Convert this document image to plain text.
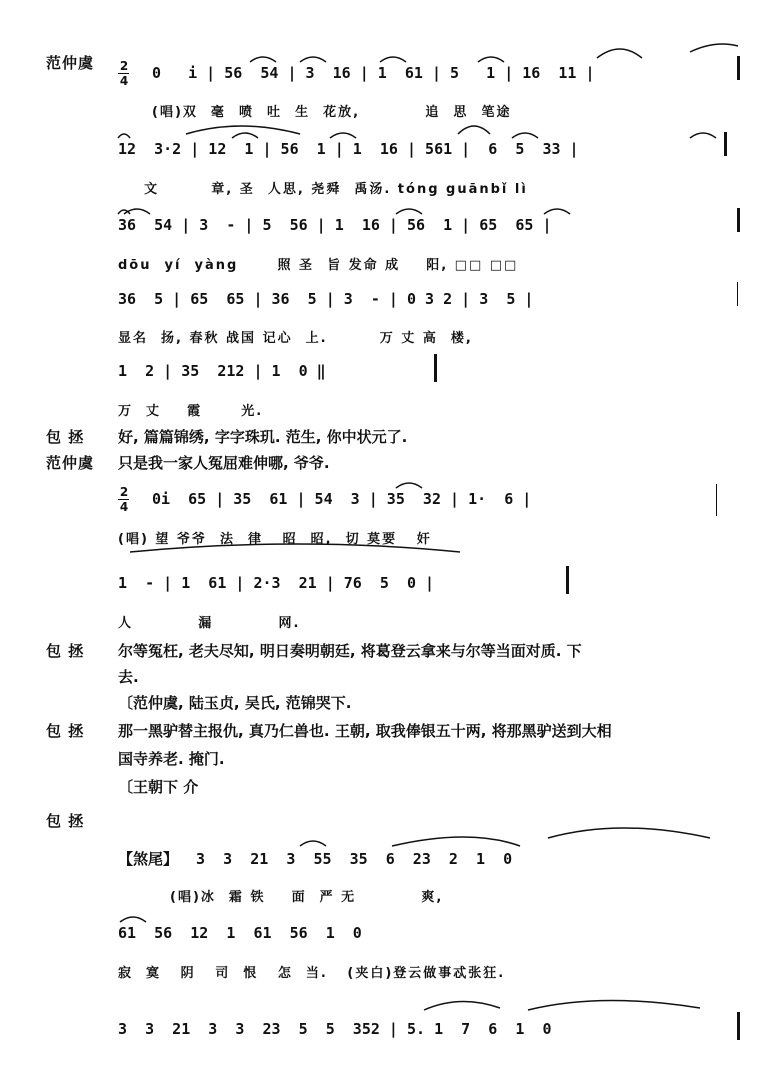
范仲虞 2
4 0   i | 56  54 | 3  16 | 1  61 | 5   1 | 16  11 |
(唱)双  毫  喷  吐  生  花放,          追  思  笔途
12  3·2 | 12  1 | 56  1 | 1  16 | 561 |  6  5  33 |
文        章, 圣  人思, 尧舜  禹汤. tóng guānbǐ lì
36  54 | 3  - | 5  56 | 1  16 | 56  1 | 65  65 |
dōu  yí  yàng      照 圣  旨 发命 成    阳, □□ □□
36  5 | 65  65 | 36  5 | 3  - | 0 3 2 | 3  5 |
显名  扬, 春秋 战国 记心  上.        万 丈 高  楼,
1  2 | 35  212 | 1  0 ‖
万  丈    霞      光.
包 拯 好, 篇篇锦绣, 字字珠玑. 范生, 你中状元了.
范仲虞 只是我一家人冤屈难伸哪, 爷爷.
2
4 0i  65 | 35  61 | 54  3 | 35  32 | 1·  6 |
(唱) 望 爷爷  法  律   昭  昭,  切 莫要   奸
1  - | 1  61 | 2·3  21 | 76  5  0 |
人          漏          网.
包 拯 尔等冤枉, 老夫尽知, 明日奏明朝廷, 将葛登云拿来与尔等当面对质. 下
去.
〔范仲虞, 陆玉贞, 吴氏, 范锦哭下.
包 拯 那一黑驴替主报仇, 真乃仁兽也. 王朝, 取我俸银五十两, 将那黑驴送到大相
国寺养老. 掩门.
〔王朝下 介
包 拯
【煞尾】  3  3  21  3  55  35  6  23  2  1  0
(唱)冰  霜 铁    面  严 无          爽,
61  56  12  1  61  56  1  0
寂  寞   阴   司  恨   怎  当.   (夹白)登云做事忒张狂.
3  3  21  3  3  23  5  5  352 | 5. 1  7  6  1  0
